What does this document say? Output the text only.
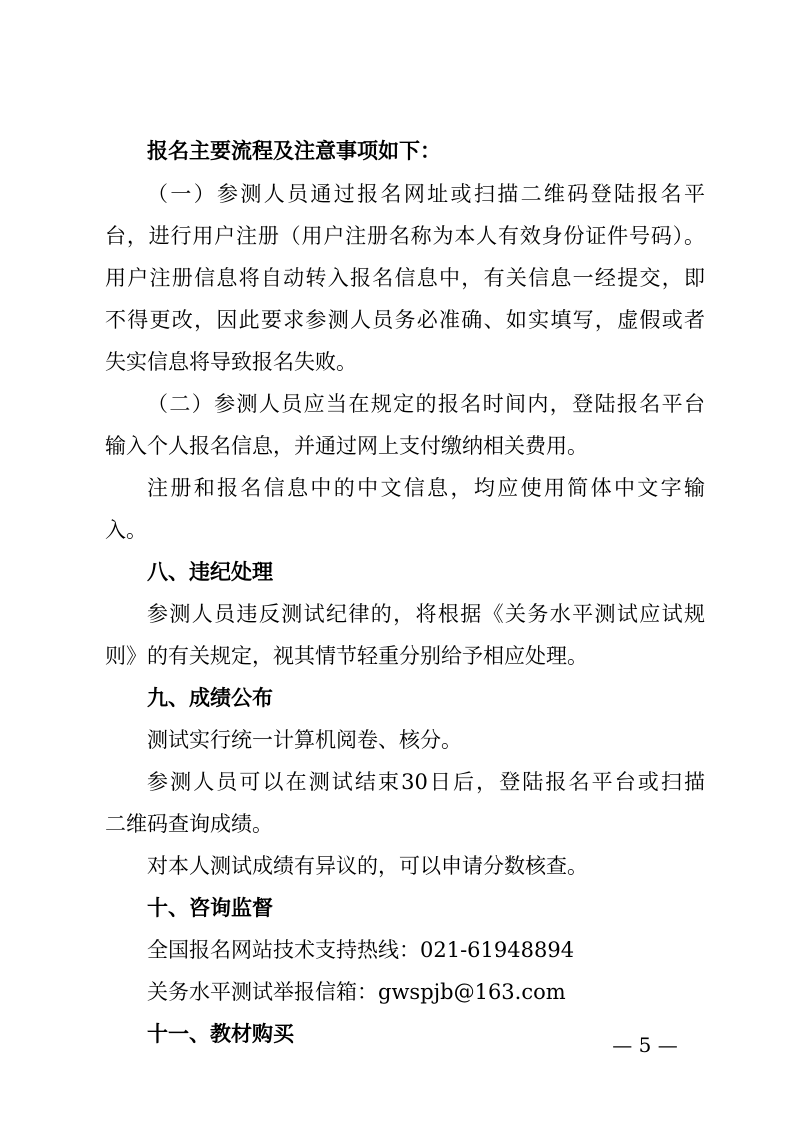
报名主要流程及注意事项如下：
（一）参测人员通过报名网址或扫描二维码登陆报名平
台，进行用户注册（用户注册名称为本人有效身份证件号码）。
用户注册信息将自动转入报名信息中，有关信息一经提交，即
不得更改，因此要求参测人员务必准确、如实填写，虚假或者
失实信息将导致报名失败。
（二）参测人员应当在规定的报名时间内，登陆报名平台
输入个人报名信息，并通过网上支付缴纳相关费用。
注册和报名信息中的中文信息，均应使用简体中文字输
入。
八、违纪处理
参测人员违反测试纪律的，将根据《关务水平测试应试规
则》的有关规定，视其情节轻重分别给予相应处理。
九、成绩公布
测试实行统一计算机阅卷、核分。
参测人员可以在测试结束30日后，登陆报名平台或扫描
二维码查询成绩。
对本人测试成绩有异议的，可以申请分数核查。
十、咨询监督
全国报名网站技术支持热线：021-61948894
关务水平测试举报信箱：gwspjb@163.com
十一、教材购买	— 5 —
